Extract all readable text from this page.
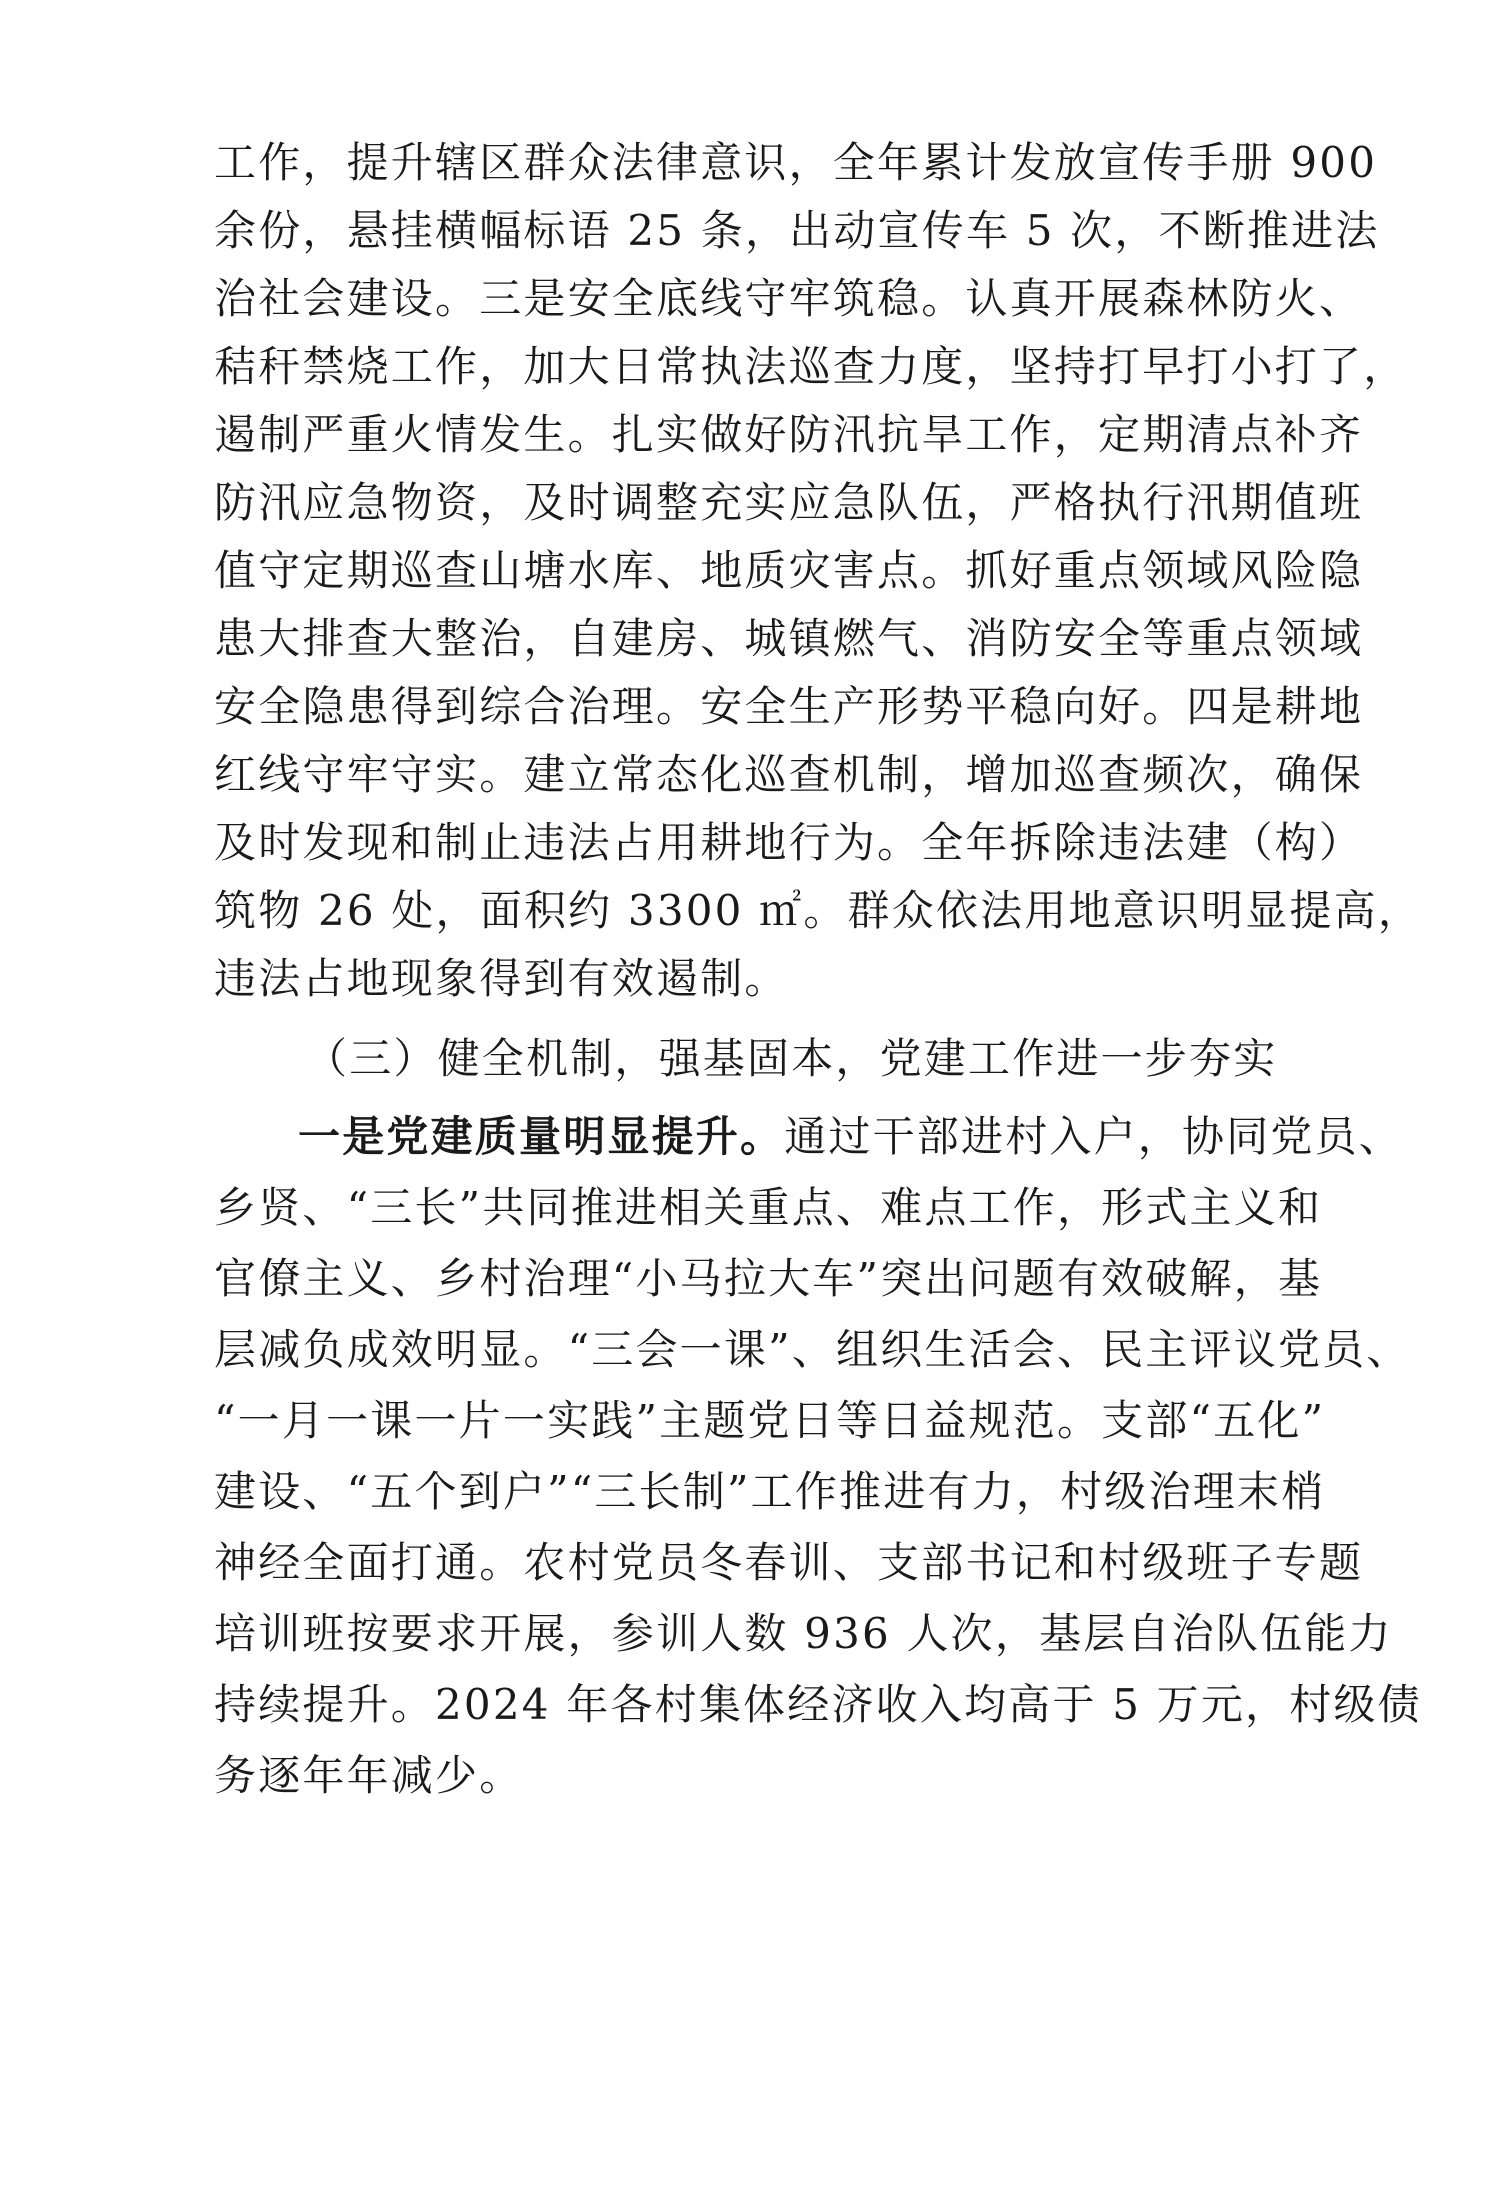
工作，提升辖区群众法律意识，全年累计发放宣传手册 900
余份，悬挂横幅标语 25 条，出动宣传车 5 次，不断推进法
治社会建设。三是安全底线守牢筑稳。认真开展森林防火、
秸秆禁烧工作，加大日常执法巡查力度，坚持打早打小打了，
遏制严重火情发生。扎实做好防汛抗旱工作，定期清点补齐
防汛应急物资，及时调整充实应急队伍，严格执行汛期值班
值守定期巡查山塘水库、地质灾害点。抓好重点领域风险隐
患大排查大整治，自建房、城镇燃气、消防安全等重点领域
安全隐患得到综合治理。安全生产形势平稳向好。四是耕地
红线守牢守实。建立常态化巡查机制，增加巡查频次，确保
及时发现和制止违法占用耕地行为。全年拆除违法建（构）
筑物 26 处，面积约 3300 ㎡。群众依法用地意识明显提高，
违法占地现象得到有效遏制。
（三）健全机制，强基固本，党建工作进一步夯实
一是党建质量明显提升。通过干部进村入户，协同党员、
乡贤、“三长”共同推进相关重点、难点工作，形式主义和
官僚主义、乡村治理“小马拉大车”突出问题有效破解，基
层减负成效明显。“三会一课”、组织生活会、民主评议党员、
“一月一课一片一实践”主题党日等日益规范。支部“五化”
建设、“五个到户”“三长制”工作推进有力，村级治理末梢
神经全面打通。农村党员冬春训、支部书记和村级班子专题
培训班按要求开展，参训人数 936 人次，基层自治队伍能力
持续提升。2024 年各村集体经济收入均高于 5 万元，村级债
务逐年年减少。
